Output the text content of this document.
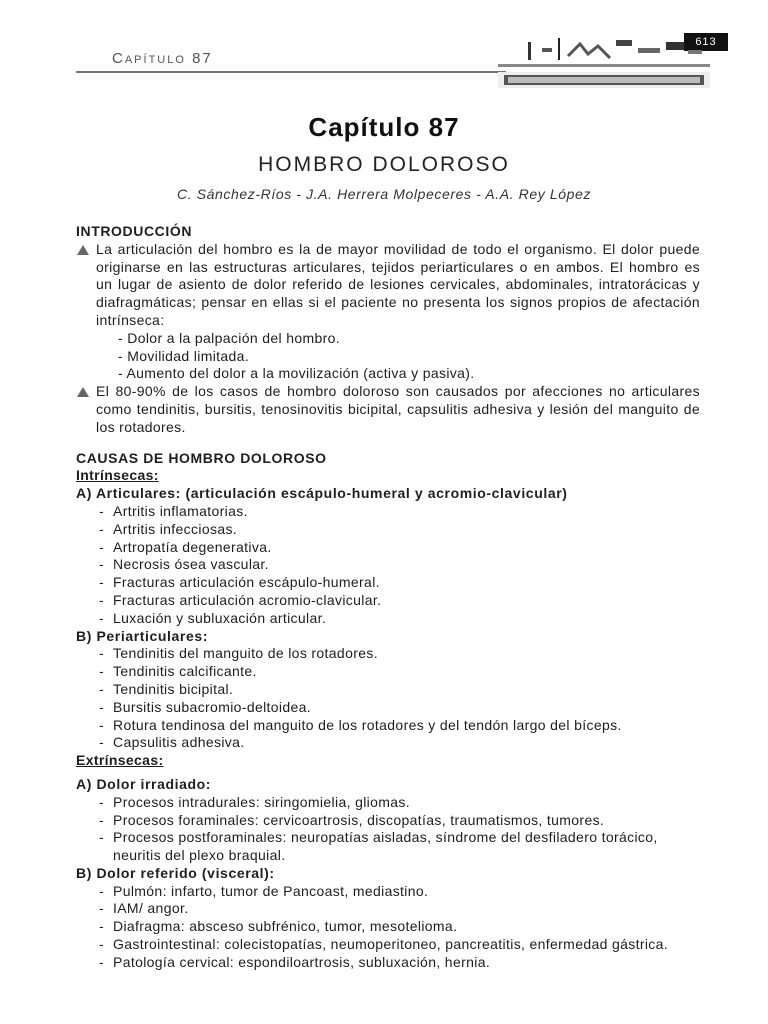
613
Capítulo 87
Capítulo 87
HOMBRO DOLOROSO
C. Sánchez-Ríos - J.A. Herrera Molpeceres - A.A. Rey López
INTRODUCCIÓN
La articulación del hombro es la de mayor movilidad de todo el organismo. El dolor puede originarse en las estructuras articulares, tejidos periarticulares o en ambos. El hombro es un lugar de asiento de dolor referido de lesiones cervicales, abdominales, intratorácicas y diafragmáticas; pensar en ellas si el paciente no presenta los signos propios de afectación intrínseca:
- Dolor a la palpación del hombro.
- Movilidad limitada.
- Aumento del dolor a la movilización (activa y pasiva).
El 80-90% de los casos de hombro doloroso son causados por afecciones no articulares como tendinitis, bursitis, tenosinovitis bicipital, capsulitis adhesiva y lesión del manguito de los rotadores.
CAUSAS DE HOMBRO DOLOROSO
Intrínsecas:
A) Articulares: (articulación escápulo-humeral y acromio-clavicular)
- Artritis inflamatorias.
- Artritis infecciosas.
- Artropatía degenerativa.
- Necrosis ósea vascular.
- Fracturas articulación escápulo-humeral.
- Fracturas articulación acromio-clavicular.
- Luxación y subluxación articular.
B) Periarticulares:
- Tendinitis del manguito de los rotadores.
- Tendinitis calcificante.
- Tendinitis bicipital.
- Bursitis subacromio-deltoidea.
- Rotura tendinosa del manguito de los rotadores y del tendón largo del bíceps.
- Capsulitis adhesiva.
Extrínsecas:
A) Dolor irradiado:
- Procesos intradurales: siringomielia, gliomas.
- Procesos foraminales: cervicoartrosis, discopatías, traumatismos, tumores.
- Procesos postforaminales: neuropatías aisladas, síndrome del desfiladero torácico, neuritis del plexo braquial.
B) Dolor referido (visceral):
- Pulmón: infarto, tumor de Pancoast, mediastino.
- IAM/ angor.
- Diafragma: absceso subfrénico, tumor, mesotelioma.
- Gastrointestinal: colecistopatías, neumoperitoneo, pancreatitis, enfermedad gástrica.
- Patología cervical: espondiloartrosis, subluxación, hernia.
